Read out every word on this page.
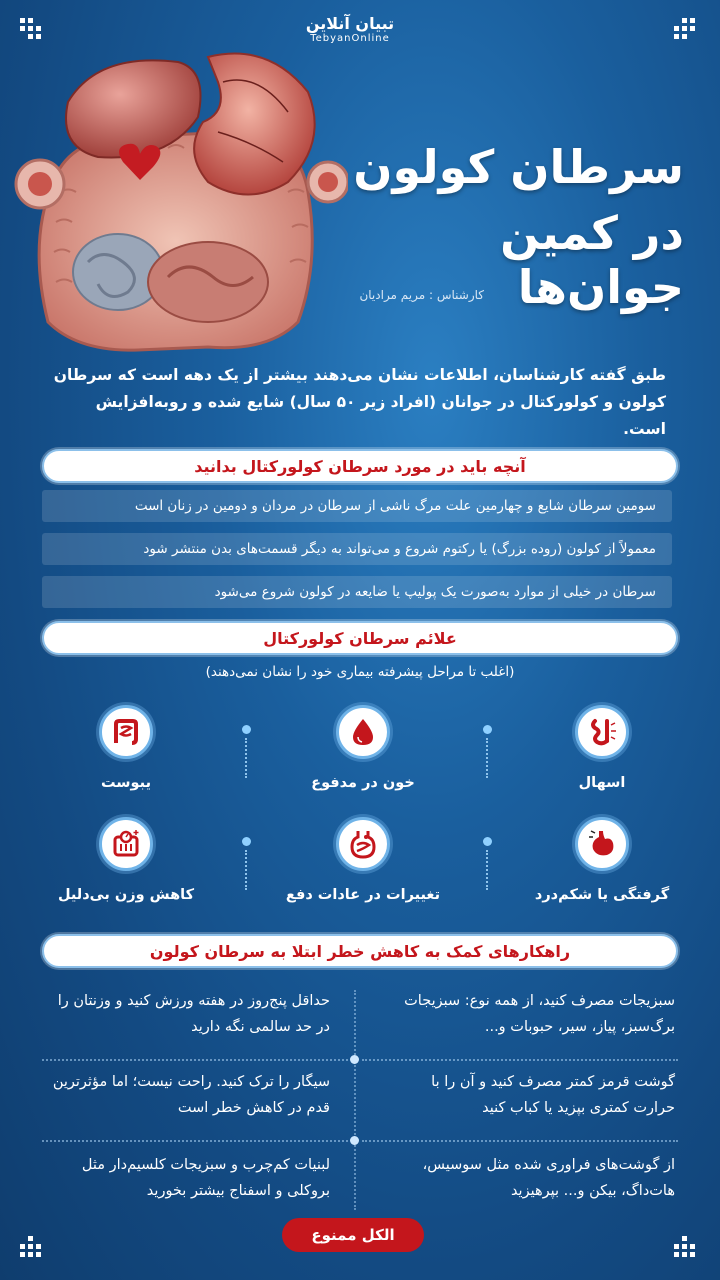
تبیان آنلاین
TebyanOnline
سرطان کولون
در کمین جوان‌ها
کارشناس : مریم مرادیان
طبق گفته کارشناسان، اطلاعات نشان می‌دهند بیشتر از یک دهه است که سرطان کولون و کولورکتال در جوانان (افراد زیر ۵۰ سال) شایع شده و روبه‌افزایش است.
آنچه باید در مورد سرطان کولورکتال بدانید
سومین سرطان شایع و چهارمین علت مرگ ناشی از سرطان در مردان و دومین در زنان است
معمولاً از کولون (روده بزرگ) یا رکتوم شروع و می‌تواند به دیگر قسمت‌های بدن منتشر شود
سرطان در خیلی از موارد به‌صورت یک پولیپ یا ضایعه در کولون شروع می‌شود
علائم سرطان کولورکتال
(اغلب تا مراحل پیشرفته بیماری خود را نشان نمی‌دهند)
اسهال
خون در مدفوع
یبوست
گرفتگی یا شکم‌درد
تغییرات در عادات دفع
کاهش وزن بی‌دلیل
راهکارهای کمک به کاهش خطر ابتلا به سرطان کولون
سبزیجات مصرف کنید، از همه نوع: سبزیجات برگ‌سبز، پیاز، سیر، حبوبات و...
حداقل پنج‌روز در هفته ورزش کنید و وزنتان را در حد سالمی نگه دارید
گوشت قرمز کمتر مصرف کنید و آن را با حرارت کمتری بپزید یا کباب کنید
سیگار را ترک کنید. راحت نیست؛ اما مؤثرترین قدم در کاهش خطر است
از گوشت‌های فراوری شده مثل سوسیس، هات‌داگ، بیکن و... بپرهیزید
لبنیات کم‌چرب و سبزیجات کلسیم‌دار مثل بروکلی و اسفناج بیشتر بخورید
الکل ممنوع
